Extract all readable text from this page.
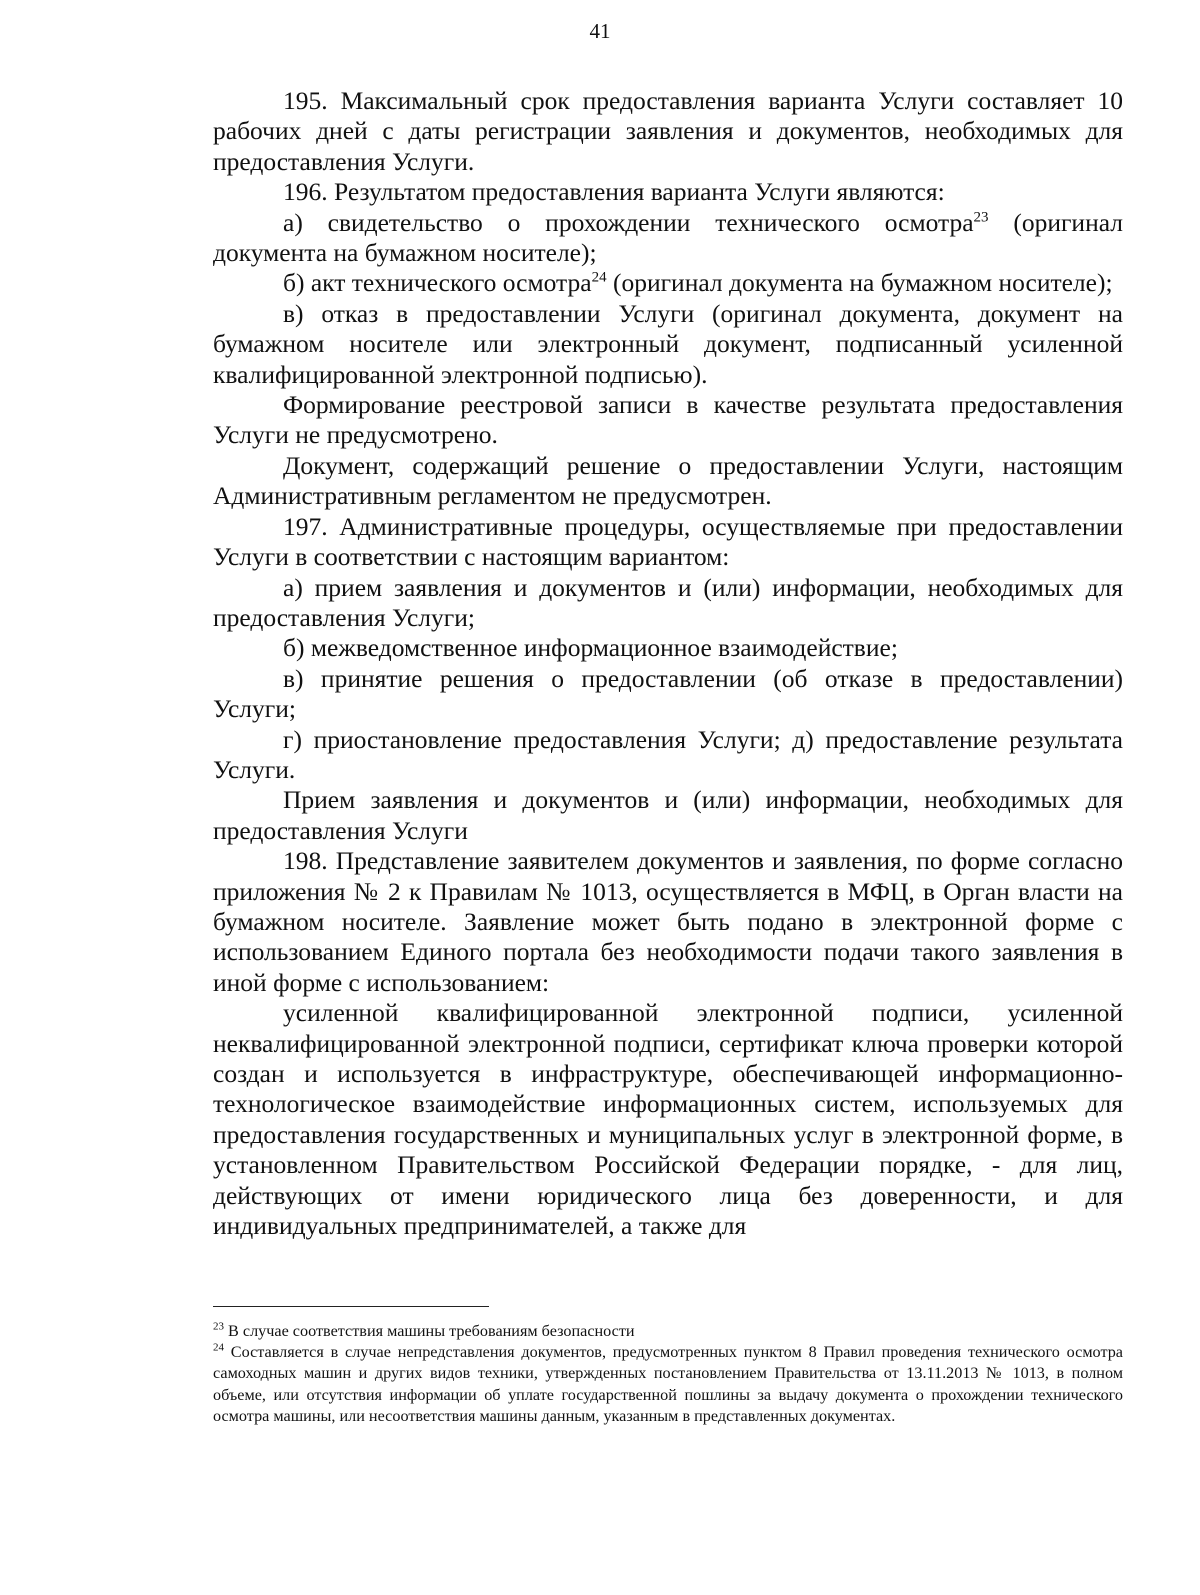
41

195. Максимальный срок предоставления варианта Услуги составляет 10 рабочих дней с даты регистрации заявления и документов, необходимых для предоставления Услуги.

196. Результатом предоставления варианта Услуги являются:

а) свидетельство о прохождении технического осмотра$^{23}$ (оригинал документа на бумажном носителе);

б) акт технического осмотра$^{24}$ (оригинал документа на бумажном носителе);

в) отказ в предоставлении Услуги (оригинал документа, документ на бумажном носителе или электронный документ, подписанный усиленной квалифицированной электронной подписью).

Формирование реестровой записи в качестве результата предоставления Услуги не предусмотрено.

Документ, содержащий решение о предоставлении Услуги, настоящим Административным регламентом не предусмотрен.

197. Административные процедуры, осуществляемые при предоставлении Услуги в соответствии с настоящим вариантом:

а) прием заявления и документов и (или) информации, необходимых для предоставления Услуги;

б) межведомственное информационное взаимодействие;

в) принятие решения о предоставлении (об отказе в предоставлении) Услуги;

г) приостановление предоставления Услуги; д) предоставление результата Услуги.

Прием заявления и документов и (или) информации, необходимых для предоставления Услуги

198. Представление заявителем документов и заявления, по форме согласно приложения № 2 к Правилам № 1013, осуществляется в МФЦ, в Орган власти на бумажном носителе. Заявление может быть подано в электронной форме с использованием Единого портала без необходимости подачи такого заявления в иной форме с использованием:

усиленной квалифицированной электронной подписи, усиленной неквалифицированной электронной подписи, сертификат ключа проверки которой создан и используется в инфраструктуре, обеспечивающей информационно-технологическое взаимодействие информационных систем, используемых для предоставления государственных и муниципальных услуг в электронной форме, в установленном Правительством Российской Федерации порядке, - для лиц, действующих от имени юридического лица без доверенности, и для индивидуальных предпринимателей, а также для

$^{23}$ В случае соответствия машины требованиям безопасности

$^{24}$ Составляется в случае непредставления документов, предусмотренных пунктом 8 Правил проведения технического осмотра самоходных машин и других видов техники, утвержденных постановлением Правительства от 13.11.2013 № 1013, в полном объеме, или отсутствия информации об уплате государственной пошлины за выдачу документа о прохождении технического осмотра машины, или несоответствия машины данным, указанным в представленных документах.
